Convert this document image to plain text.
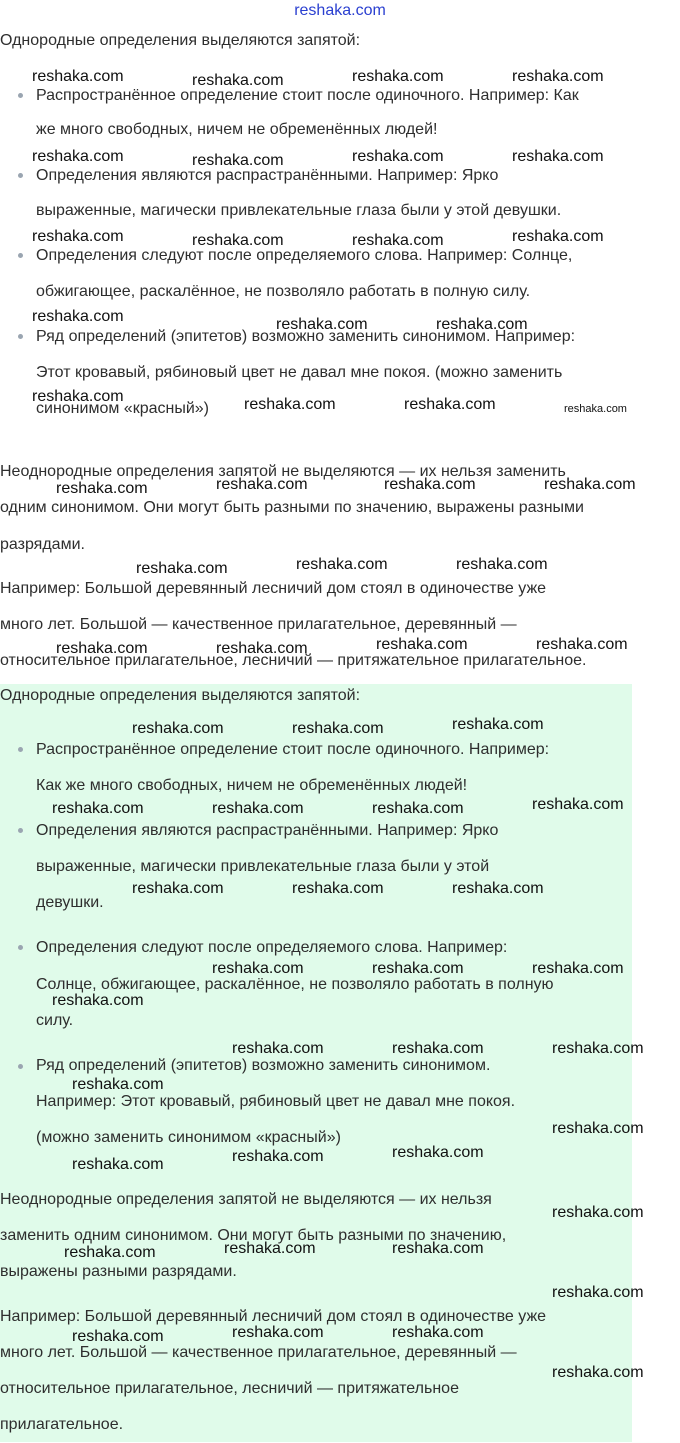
reshaka.com
Однородные определения выделяются запятой:
Распространённое определение стоит после одиночного. Например: Как
же много свободных, ничем не обременённых людей!
Определения являются распрастранёнными. Например: Ярко
выраженные, магически привлекательные глаза были у этой девушки.
Определения следуют после определяемого слова. Например: Солнце,
обжигающее, раскалённое, не позволяло работать в полную силу.
Ряд определений (эпитетов) возможно заменить синонимом. Например:
Этот кровавый, рябиновый цвет не давал мне покоя. (можно заменить
синонимом «красный»)
Неоднородные определения запятой не выделяются — их нельзя заменить
одним синонимом. Они могут быть разными по значению, выражены разными
разрядами.
Например: Большой деревянный лесничий дом стоял в одиночестве уже
много лет. Большой — качественное прилагательное, деревянный —
относительное прилагательное, лесничий — притяжательное прилагательное.
Однородные определения выделяются запятой:
Распространённое определение стоит после одиночного. Например:
Как же много свободных, ничем не обременённых людей!
Определения являются распрастранёнными. Например: Ярко
выраженные, магически привлекательные глаза были у этой
девушки.
Определения следуют после определяемого слова. Например:
Солнце, обжигающее, раскалённое, не позволяло работать в полную
силу.
Ряд определений (эпитетов) возможно заменить синонимом.
Например: Этот кровавый, рябиновый цвет не давал мне покоя.
(можно заменить синонимом «красный»)
Неоднородные определения запятой не выделяются — их нельзя
заменить одним синонимом. Они могут быть разными по значению,
выражены разными разрядами.
Например: Большой деревянный лесничий дом стоял в одиночестве уже
много лет. Большой — качественное прилагательное, деревянный —
относительное прилагательное, лесничий — притяжательное
прилагательное.
reshaka.com	reshaka.com	reshaka.com	reshaka.com
reshaka.com	reshaka.com	reshaka.com	reshaka.com
reshaka.com	reshaka.com	reshaka.com	reshaka.com
reshaka.com	reshaka.com	reshaka.com
reshaka.com	reshaka.com	reshaka.com	reshaka.com
reshaka.com	reshaka.com	reshaka.com	reshaka.com
reshaka.com	reshaka.com	reshaka.com
reshaka.com	reshaka.com	reshaka.com	reshaka.com
reshaka.com	reshaka.com	reshaka.com
reshaka.com	reshaka.com	reshaka.com	reshaka.com
reshaka.com	reshaka.com	reshaka.com
reshaka.com	reshaka.com	reshaka.com
reshaka.com
reshaka.com	reshaka.com	reshaka.com
reshaka.com
reshaka.com
reshaka.com	reshaka.com
reshaka.com
reshaka.com
reshaka.com	reshaka.com	reshaka.com
reshaka.com
reshaka.com	reshaka.com	reshaka.com
reshaka.com
